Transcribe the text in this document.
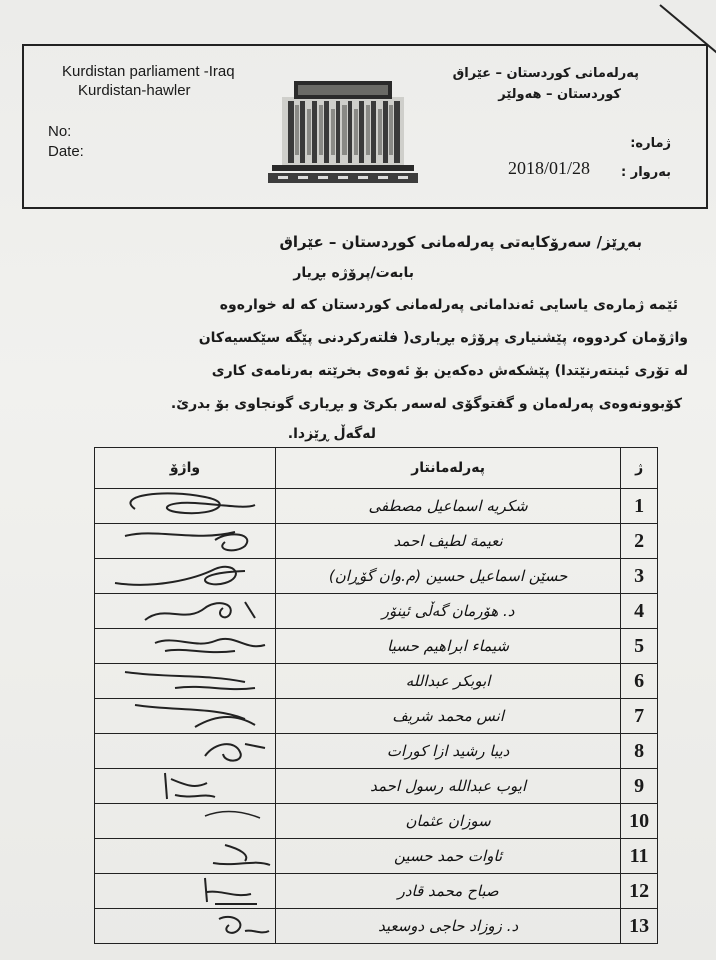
Kurdistan parliament -Iraq
Kurdistan-hawler
No:
Date:
پەرلەمانی کوردستان – عێراق
کوردستان – هەولێر
ژمارە:
بەروار :
2018/01/28
بەڕێز/ سەرۆکایەتی پەرلەمانی کوردستان – عێراق
بابەت/پرۆژە بڕیار
ئێمە ژمارەی یاسایی ئەندامانی پەرلەمانی کوردستان کە لە خوارەوە
واژۆمان کردووە، پێشنیاری پرۆژە بڕیاری( فلتەرکردنی پێگە سێکسیەکان
لە تۆری ئینتەرنێتدا) پێشکەش دەکەین بۆ ئەوەی بخرێتە بەرنامەی کاری
کۆبوونەوەی پەرلەمان و گفتوگۆی لەسەر بکرێ و بڕیاری گونجاوی بۆ بدرێ.
لەگەڵ ڕێزدا.
واژۆ	پەرلەمانتار	ژ

	شکریە اسماعیل مصطفی	1

	نعیمة لطیف احمد	2

	حسێن اسماعیل حسین (م.وان گۆڕان)	3

	د. هۆرمان گەڵی ئینۆر	4

	شیماء ابراهیم حسیا	5

	ابوبکر عبدالله	6

	انس محمد شریف	7

	دیبا رشید ازا کورات	8

	ایوب عبدالله رسول احمد	9

	سوزان عثمان	10

	ئاوات حمد حسین	11

	صباح محمد قادر	12

	د. زوزاد حاجی دوسعید	13
